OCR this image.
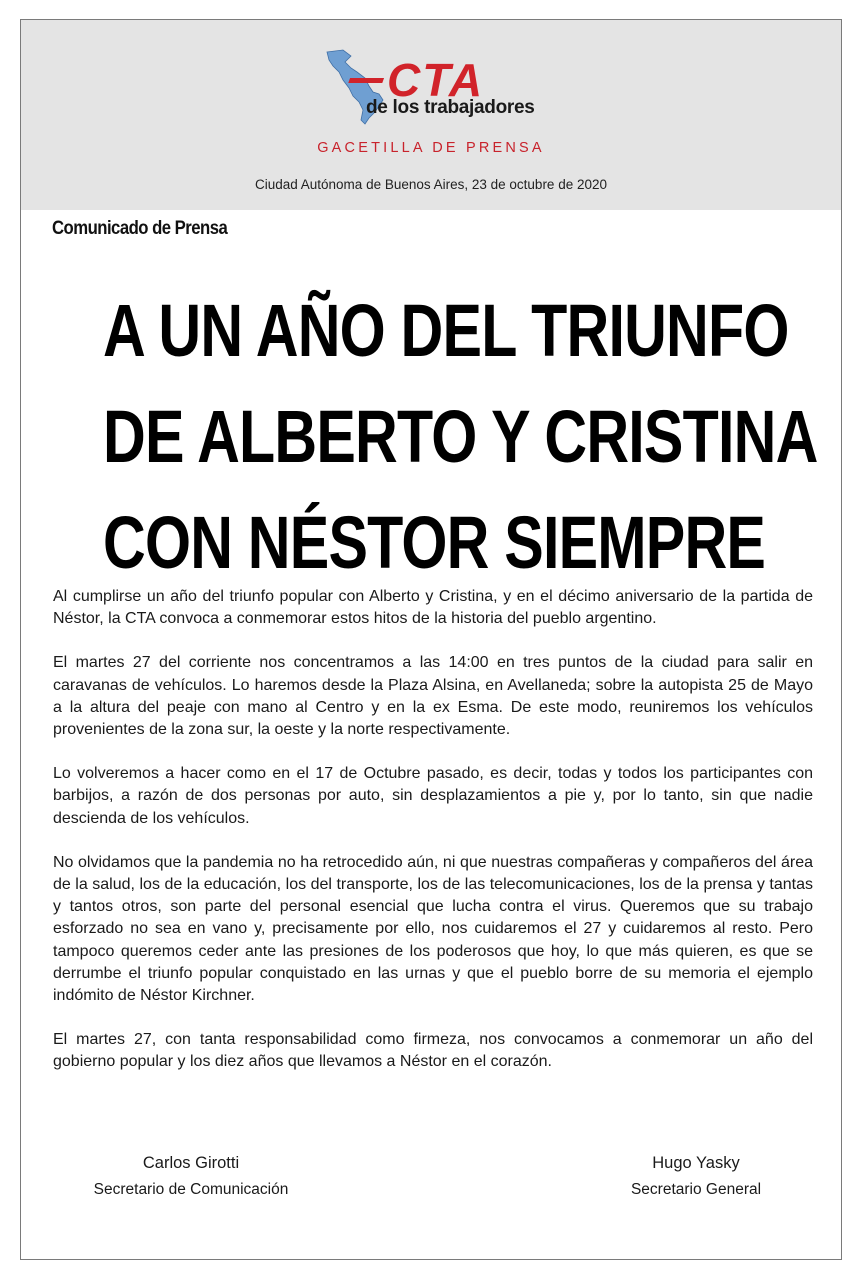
CTA
de los trabajadores
GACETILLA DE PRENSA
Ciudad Autónoma de Buenos Aires, 23 de octubre de 2020
Comunicado de Prensa
A UN AÑO DEL TRIUNFO
DE ALBERTO Y CRISTINA
CON NÉSTOR SIEMPRE

Al cumplirse un año del triunfo popular con Alberto y Cristina, y en el décimo aniversario de la partida de Néstor, la CTA convoca a conmemorar estos hitos de la historia del pueblo argentino.

El martes 27 del corriente nos concentramos a las 14:00 en tres puntos de la ciudad para salir en caravanas de vehículos. Lo haremos desde la Plaza Alsina, en Avellaneda; sobre la autopista 25 de Mayo a la altura del peaje con mano al Centro y en la ex Esma. De este modo, reuniremos los vehículos provenientes de la zona sur, la oeste y la norte respectivamente.

Lo volveremos a hacer como en el 17 de Octubre pasado, es decir, todas y todos los participantes con barbijos, a razón de dos personas por auto, sin desplazamientos a pie y, por lo tanto, sin que nadie descienda de los vehículos.

No olvidamos que la pandemia no ha retrocedido aún, ni que nuestras compañeras y compañeros del área de la salud, los de la educación, los del transporte, los de las telecomunicaciones, los de la prensa y tantas y tantos otros, son parte del personal esencial que lucha contra el virus. Queremos que su trabajo esforzado no sea en vano y, precisamente por ello, nos cuidaremos el 27 y cuidaremos al resto. Pero tampoco queremos ceder ante las presiones de los poderosos que hoy, lo que más quieren, es que se derrumbe el triunfo popular conquistado en las urnas y que el pueblo borre de su memoria el ejemplo indómito de Néstor Kirchner.

El martes 27, con tanta responsabilidad como firmeza, nos convocamos a conmemorar un año del gobierno popular y los diez años que llevamos a Néstor en el corazón.

Carlos Girotti
Secretario de Comunicación
Hugo Yasky
Secretario General
